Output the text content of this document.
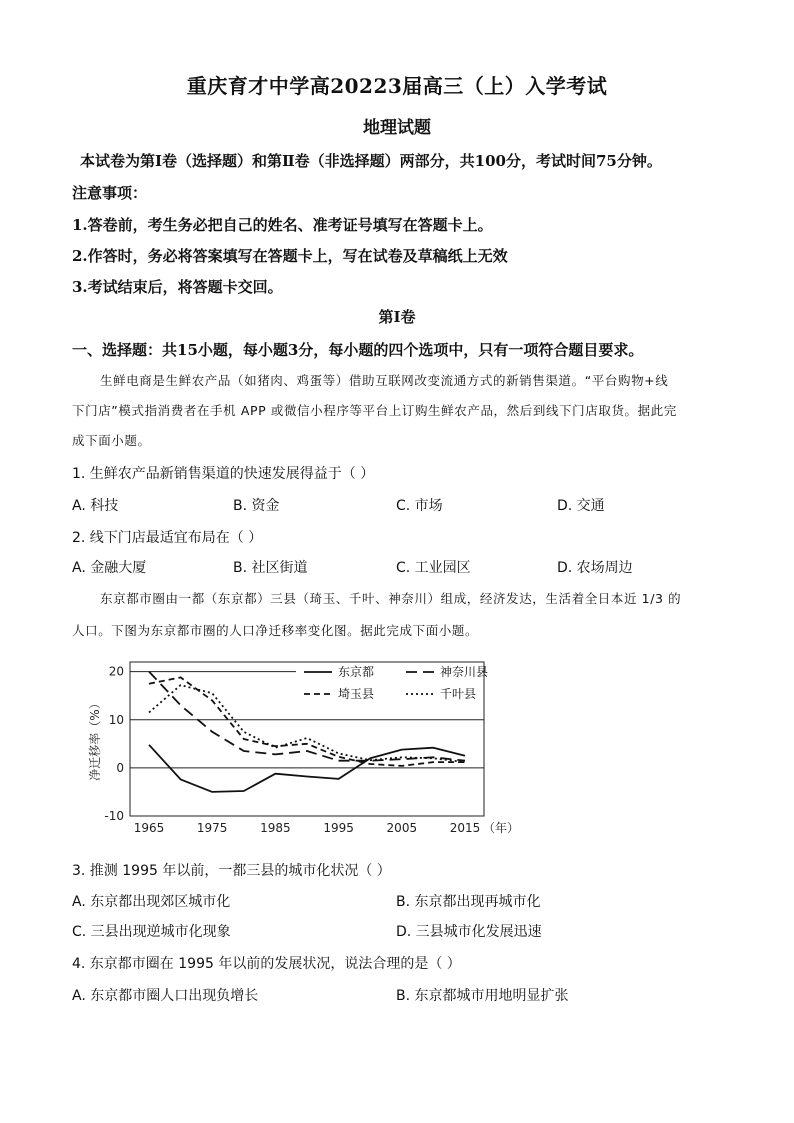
重庆育才中学高20223届高三（上）入学考试
地理试题
本试卷为第Ⅰ卷（选择题）和第Ⅱ卷（非选择题）两部分，共100分，考试时间75分钟。
注意事项：
1.答卷前，考生务必把自己的姓名、准考证号填写在答题卡上。
2.作答时，务必将答案填写在答题卡上，写在试卷及草稿纸上无效
3.考试结束后，将答题卡交回。
第Ⅰ卷
一、选择题：共15小题，每小题3分，每小题的四个选项中，只有一项符合题目要求。
生鲜电商是生鲜农产品（如猪肉、鸡蛋等）借助互联网改变流通方式的新销售渠道。“平台购物+线
下门店”模式指消费者在手机 APP 或微信小程序等平台上订购生鲜农产品，然后到线下门店取货。据此完
成下面小题。
1. 生鲜农产品新销售渠道的快速发展得益于（ ）
A. 科技	B. 资金	C. 市场	D. 交通
2. 线下门店最适宜布局在（ ）
A. 金融大厦	B. 社区街道	C. 工业园区	D. 农场周边
东京都市圈由一都（东京都）三县（琦玉、千叶、神奈川）组成，经济发达，生活着全日本近 1/3 的
人口。下图为东京都市圈的人口净迁移率变化图。据此完成下面小题。
20
10
0
-10
1965	1975	1985	1995	2005	2015 （年）
净迁移率（%）
东京都	神奈川县
埼玉县	千叶县
3. 推测 1995 年以前，一都三县的城市化状况（ ）
A. 东京都出现郊区城市化	B. 东京都出现再城市化
C. 三县出现逆城市化现象	D. 三县城市化发展迅速
4. 东京都市圈在 1995 年以前的发展状况，说法合理的是（ ）
A. 东京都市圈人口出现负增长	B. 东京都城市用地明显扩张
